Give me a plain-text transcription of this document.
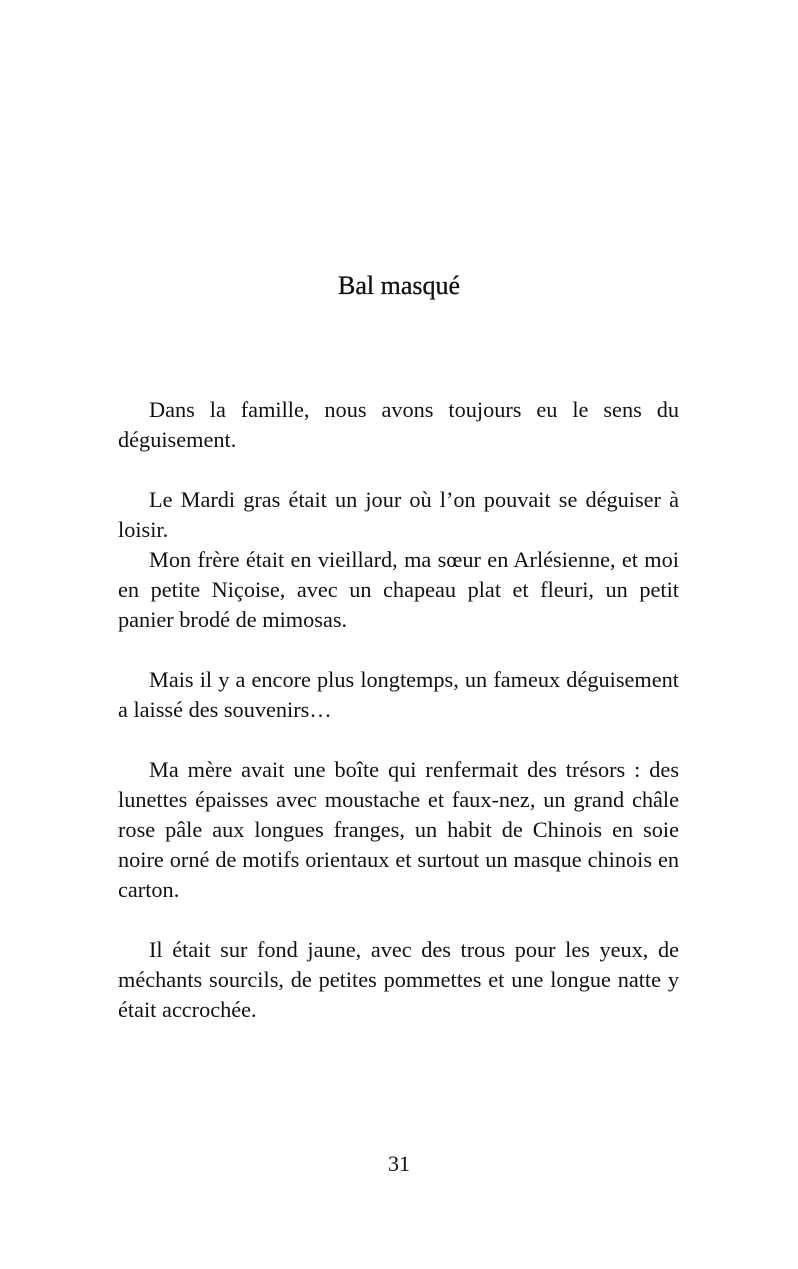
Bal masqué

Dans la famille, nous avons toujours eu le sens du déguisement.

Le Mardi gras était un jour où l’on pouvait se déguiser à loisir.

Mon frère était en vieillard, ma sœur en Arlésienne, et moi en petite Niçoise, avec un chapeau plat et fleuri, un petit panier brodé de mimosas.

Mais il y a encore plus longtemps, un fameux déguisement a laissé des souvenirs…

Ma mère avait une boîte qui renfermait des trésors : des lunettes épaisses avec moustache et faux-nez, un grand châle rose pâle aux longues franges, un habit de Chinois en soie noire orné de motifs orientaux et surtout un masque chinois en carton.

Il était sur fond jaune, avec des trous pour les yeux, de méchants sourcils, de petites pommettes et une longue natte y était accrochée.

31
